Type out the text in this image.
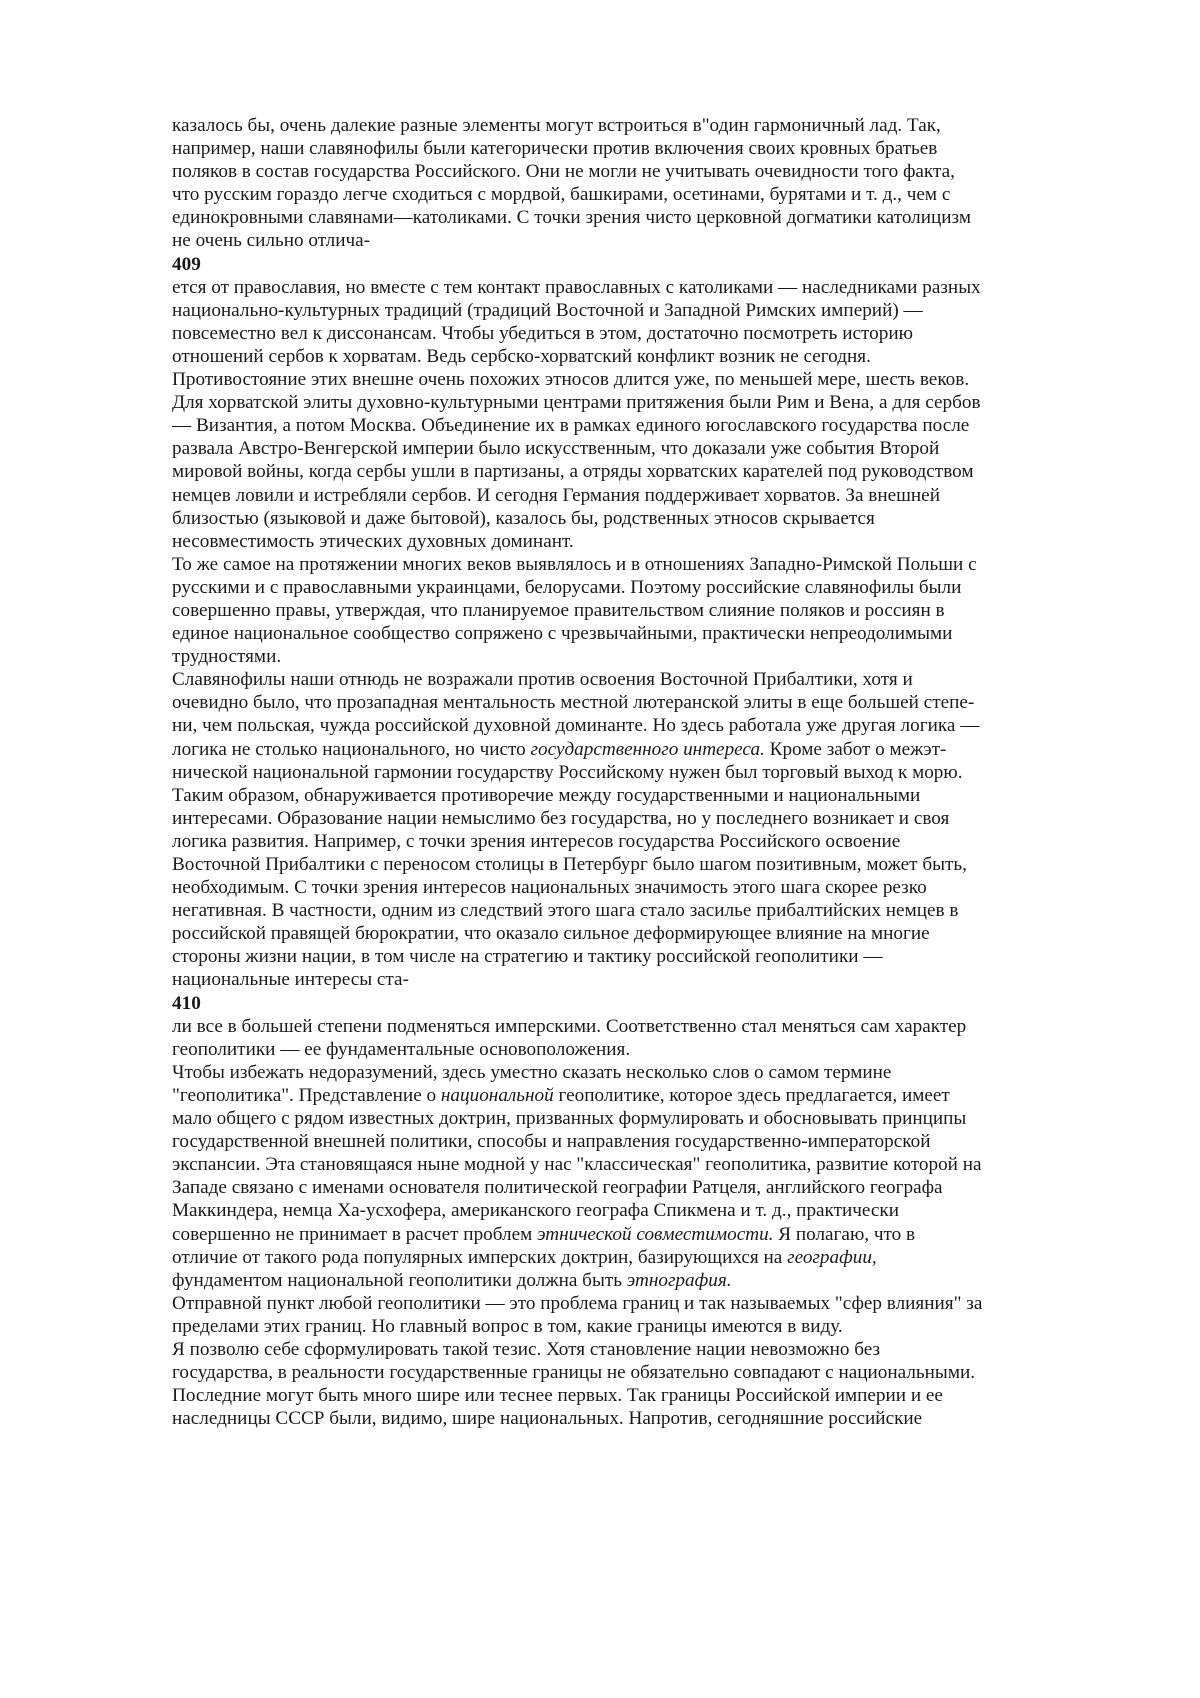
казалось бы, очень далекие разные элементы могут встроиться в"один гармоничный лад. Так,
например, наши славянофилы были категорически против включения своих кровных братьев
поляков в состав государства Российского. Они не могли не учитывать очевидности того факта,
что русским гораздо легче сходиться с мордвой, башкирами, осетинами, бурятами и т. д., чем с
единокровными славянами—католиками. С точки зрения чисто церковной догматики католицизм
не очень сильно отлича-
409
ется от православия, но вместе с тем контакт православных с католиками — наследниками разных
национально-культурных традиций (традиций Восточной и Западной Римских империй) —
повсеместно вел к диссонансам. Чтобы убедиться в этом, достаточно посмотреть историю
отношений сербов к хорватам. Ведь сербско-хорватский конфликт возник не сегодня.
Противостояние этих внешне очень похожих этносов длится уже, по меньшей мере, шесть веков.
Для хорватской элиты духовно-культурными центрами притяжения были Рим и Вена, а для сербов
— Византия, а потом Москва. Объединение их в рамках единого югославского государства после
развала Австро-Венгерской империи было искусственным, что доказали уже события Второй
мировой войны, когда сербы ушли в партизаны, а отряды хорватских карателей под руководством
немцев ловили и истребляли сербов. И сегодня Германия поддерживает хорватов. За внешней
близостью (языковой и даже бытовой), казалось бы, родственных этносов скрывается
несовместимость этических духовных доминант.
То же самое на протяжении многих веков выявлялось и в отношениях Западно-Римской Польши с
русскими и с православными украинцами, белорусами. Поэтому российские славянофилы были
совершенно правы, утверждая, что планируемое правительством слияние поляков и россиян в
единое национальное сообщество сопряжено с чрезвычайными, практически непреодолимыми
трудностями.
Славянофилы наши отнюдь не возражали против освоения Восточной Прибалтики, хотя и
очевидно было, что прозападная ментальность местной лютеранской элиты в еще большей степе-
ни, чем польская, чужда российской духовной доминанте. Но здесь работала уже другая логика —
логика не столько национального, но чисто государственного интереса. Кроме забот о межэт-
нической национальной гармонии государству Российскому нужен был торговый выход к морю.
Таким образом, обнаруживается противоречие между государственными и национальными
интересами. Образование нации немыслимо без государства, но у последнего возникает и своя
логика развития. Например, с точки зрения интересов государства Российского освоение
Восточной Прибалтики с переносом столицы в Петербург было шагом позитивным, может быть,
необходимым. С точки зрения интересов национальных значимость этого шага скорее резко
негативная. В частности, одним из следствий этого шага стало засилье прибалтийских немцев в
российской правящей бюрократии, что оказало сильное деформирующее влияние на многие
стороны жизни нации, в том числе на стратегию и тактику российской геополитики —
национальные интересы ста-
410
ли все в большей степени подменяться имперскими. Соответственно стал меняться сам характер
геополитики — ее фундаментальные основоположения.
Чтобы избежать недоразумений, здесь уместно сказать несколько слов о самом термине
"геополитика". Представление о национальной геополитике, которое здесь предлагается, имеет
мало общего с рядом известных доктрин, призванных формулировать и обосновывать принципы
государственной внешней политики, способы и направления государственно-императорской
экспансии. Эта становящаяся ныне модной у нас "классическая" геополитика, развитие которой на
Западе связано с именами основателя политической географии Ратцеля, английского географа
Маккиндера, немца Ха-усхофера, американского географа Спикмена и т. д., практически
совершенно не принимает в расчет проблем этнической совместимости. Я полагаю, что в
отличие от такого рода популярных имперских доктрин, базирующихся на географии,
фундаментом национальной геополитики должна быть этнография.
Отправной пункт любой геополитики — это проблема границ и так называемых "сфер влияния" за
пределами этих границ. Но главный вопрос в том, какие границы имеются в виду.
Я позволю себе сформулировать такой тезис. Хотя становление нации невозможно без
государства, в реальности государственные границы не обязательно совпадают с национальными.
Последние могут быть много шире или теснее первых. Так границы Российской империи и ее
наследницы СССР были, видимо, шире национальных. Напротив, сегодняшние российские
